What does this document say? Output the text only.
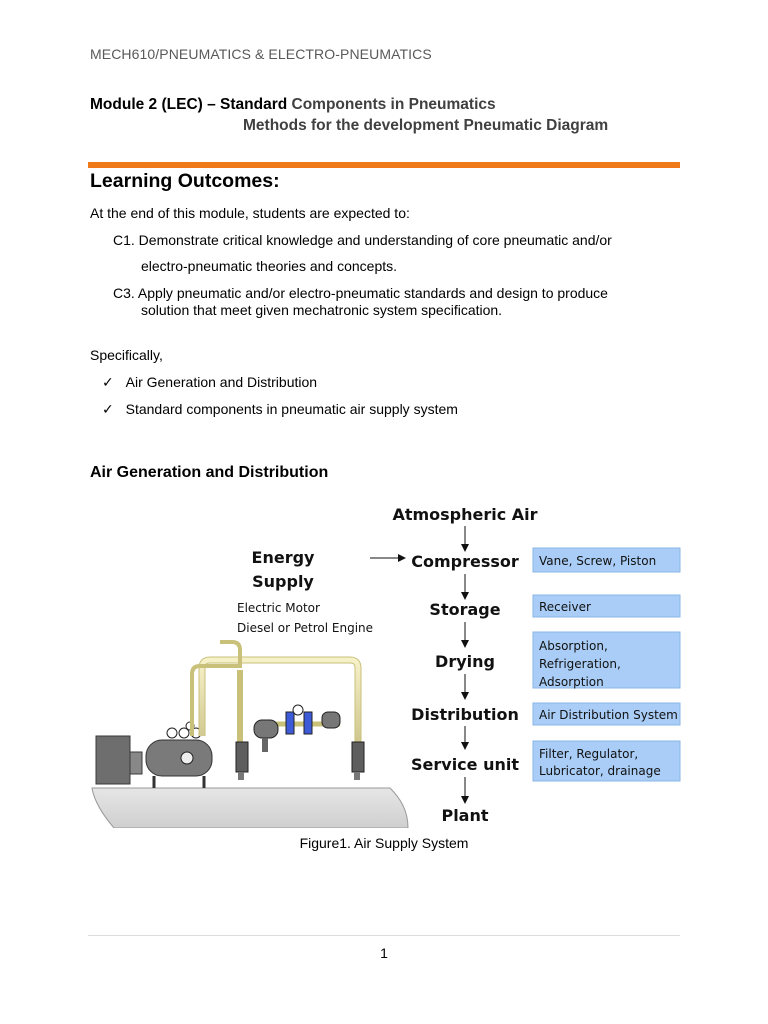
MECH610/PNEUMATICS & ELECTRO-PNEUMATICS
Module 2 (LEC) – Standard Components in Pneumatics
Methods for the development Pneumatic Diagram
Learning Outcomes:
At the end of this module, students are expected to:
C1. Demonstrate critical knowledge and understanding of core pneumatic and/or
electro-pneumatic theories and concepts.
C3. Apply pneumatic and/or electro-pneumatic standards and design to produce
solution that meet given mechatronic system specification.
Specifically,
✓ Air Generation and Distribution
✓ Standard components in pneumatic air supply system
Air Generation and Distribution
Atmospheric Air
Compressor
Storage
Drying
Distribution
Service unit
Plant
Energy
Supply
Electric Motor
Diesel or Petrol Engine
Vane, Screw, Piston
Receiver
Absorption,
Refrigeration,
Adsorption
Air Distribution System
Filter, Regulator,
Lubricator, drainage
Figure1. Air Supply System
1
